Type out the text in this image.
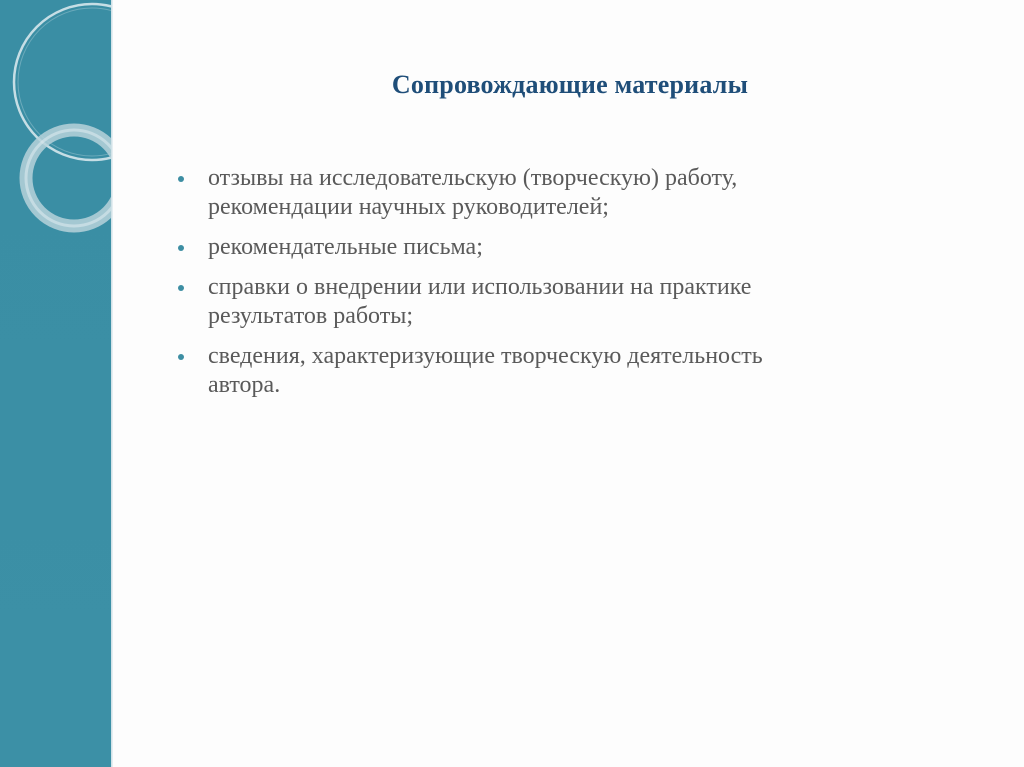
Сопровождающие материалы
отзывы на исследовательскую (творческую) работу,
рекомендации научных руководителей;
рекомендательные письма;
справки о внедрении или использовании на практике
результатов работы;
сведения, характеризующие творческую деятельность
автора.
